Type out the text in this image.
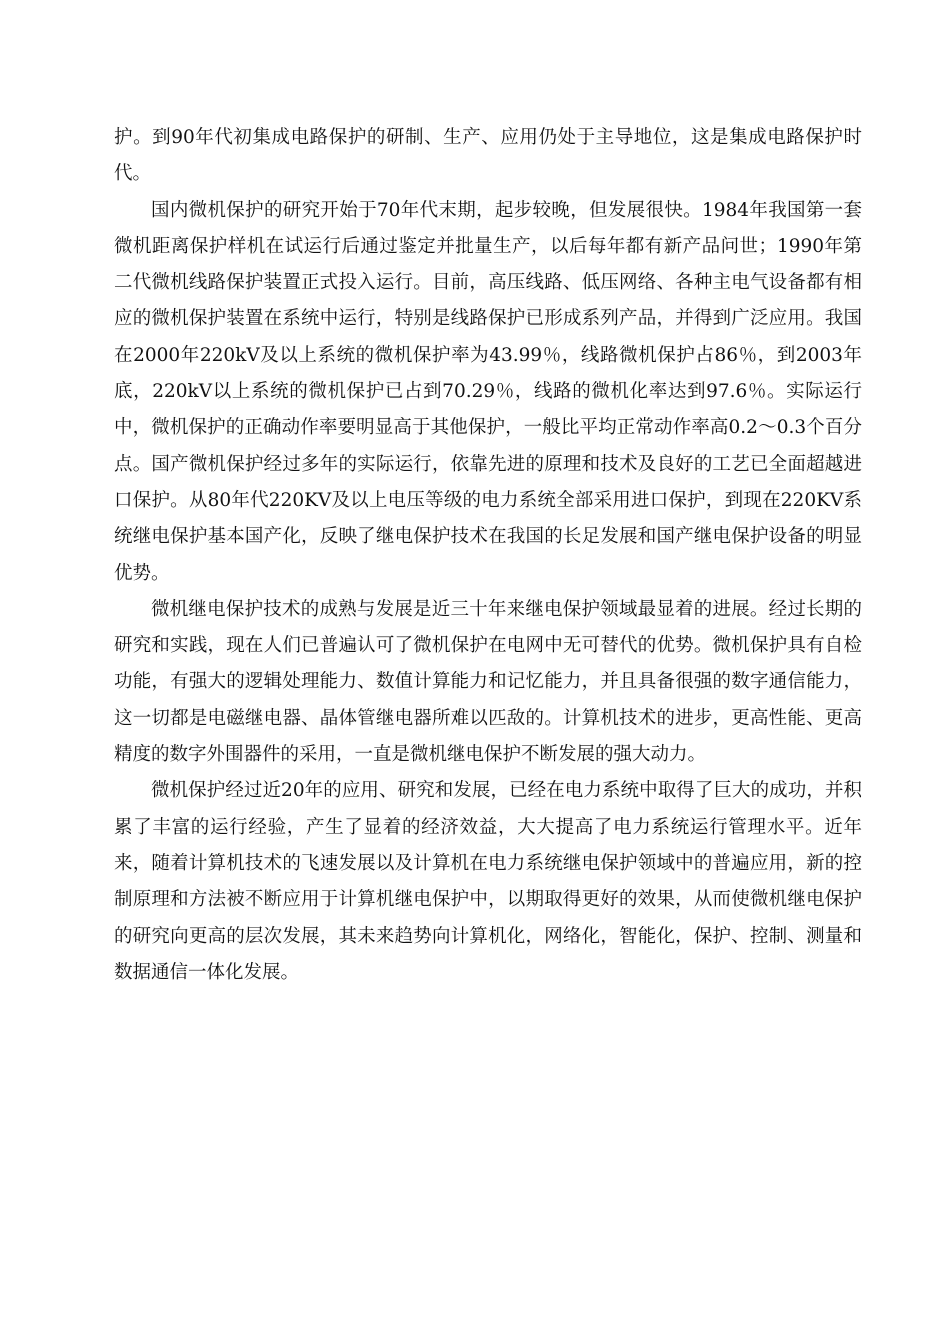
护。到90年代初集成电路保护的研制、生产、应用仍处于主导地位，这是集成电路保护时代。

国内微机保护的研究开始于70年代末期，起步较晚，但发展很快。1984年我国第一套微机距离保护样机在试运行后通过鉴定并批量生产，以后每年都有新产品问世；1990年第二代微机线路保护装置正式投入运行。目前，高压线路、低压网络、各种主电气设备都有相应的微机保护装置在系统中运行，特别是线路保护已形成系列产品，并得到广泛应用。我国在2000年220kV及以上系统的微机保护率为43.99％，线路微机保护占86％，到2003年底，220kV以上系统的微机保护已占到70.29％，线路的微机化率达到97.6％。实际运行中，微机保护的正确动作率要明显高于其他保护，一般比平均正常动作率高0.2～0.3个百分点。国产微机保护经过多年的实际运行，依靠先进的原理和技术及良好的工艺已全面超越进口保护。从80年代220KV及以上电压等级的电力系统全部采用进口保护，到现在220KV系统继电保护基本国产化，反映了继电保护技术在我国的长足发展和国产继电保护设备的明显优势。

微机继电保护技术的成熟与发展是近三十年来继电保护领域最显着的进展。经过长期的研究和实践，现在人们已普遍认可了微机保护在电网中无可替代的优势。微机保护具有自检功能，有强大的逻辑处理能力、数值计算能力和记忆能力，并且具备很强的数字通信能力，这一切都是电磁继电器、晶体管继电器所难以匹敌的。计算机技术的进步，更高性能、更高精度的数字外围器件的采用，一直是微机继电保护不断发展的强大动力。

微机保护经过近20年的应用、研究和发展，已经在电力系统中取得了巨大的成功，并积累了丰富的运行经验，产生了显着的经济效益，大大提高了电力系统运行管理水平。近年来，随着计算机技术的飞速发展以及计算机在电力系统继电保护领域中的普遍应用，新的控制原理和方法被不断应用于计算机继电保护中，以期取得更好的效果，从而使微机继电保护的研究向更高的层次发展，其未来趋势向计算机化，网络化，智能化，保护、控制、测量和数据通信一体化发展。
